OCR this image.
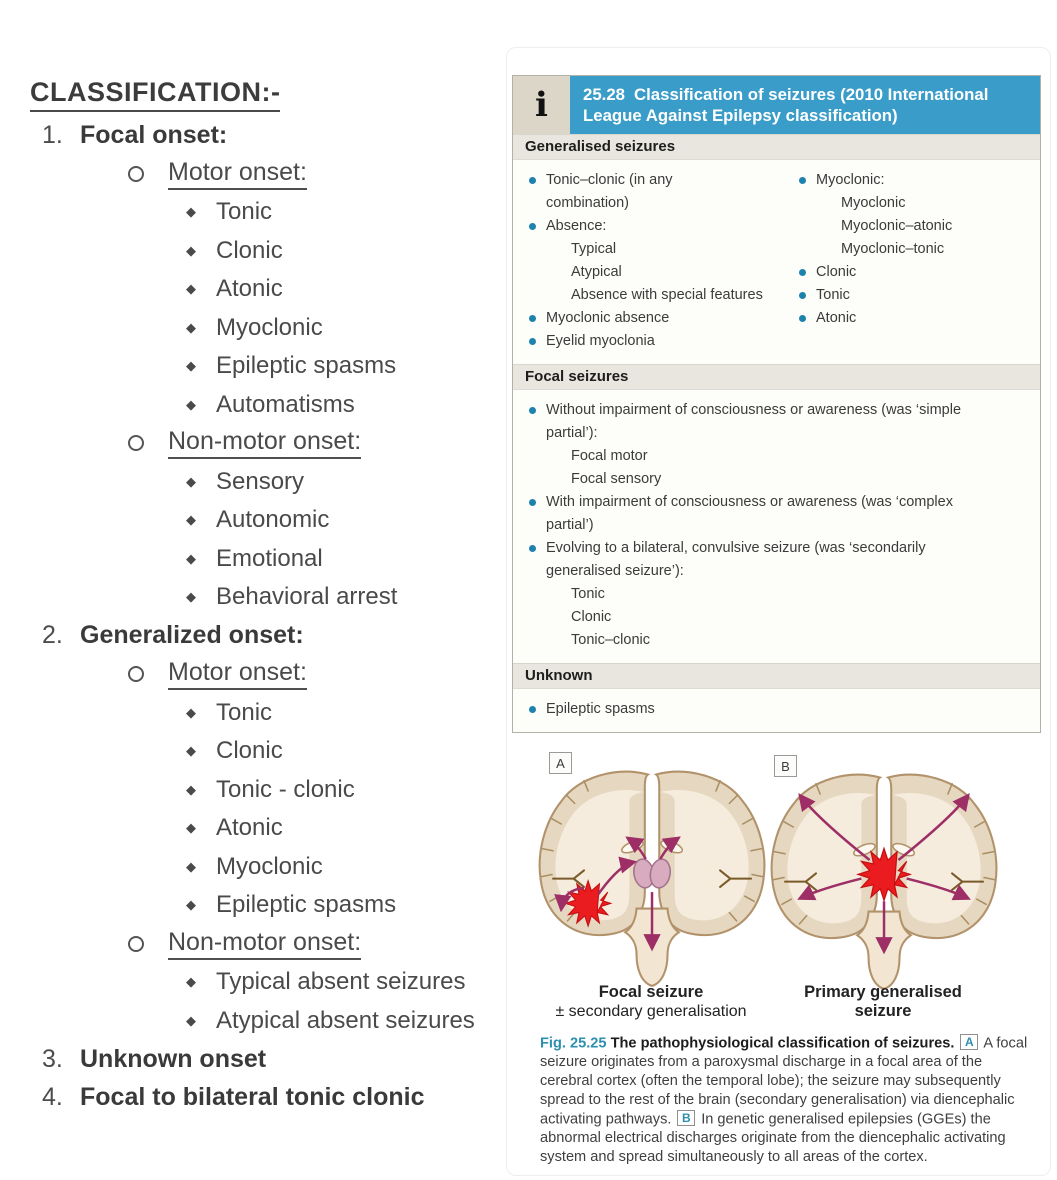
CLASSIFICATION:-
1. Focal onset:
Motor onset:
◆ Tonic
◆ Clonic
◆ Atonic
◆ Myoclonic
◆ Epileptic spasms
◆ Automatisms
Non-motor onset:
◆ Sensory
◆ Autonomic
◆ Emotional
◆ Behavioral arrest
2. Generalized onset:
Motor onset:
◆ Tonic
◆ Clonic
◆ Tonic - clonic
◆ Atonic
◆ Myoclonic
◆ Epileptic spasms
Non-motor onset:
◆ Typical absent seizures
◆ Atypical absent seizures
3. Unknown onset
4. Focal to bilateral tonic clonic
i	25.28 Classification of seizures (2010 International League Against Epilepsy classification)
Generalised seizures
Tonic–clonic (in any combination)
Absence:
Typical
Atypical
Absence with special features
Myoclonic absence
Eyelid myoclonia
Myoclonic:
Myoclonic
Myoclonic–atonic
Myoclonic–tonic
Clonic
Tonic
Atonic
Focal seizures
Without impairment of consciousness or awareness (was ‘simple partial’):
Focal motor
Focal sensory
With impairment of consciousness or awareness (was ‘complex partial’)
Evolving to a bilateral, convulsive seizure (was ‘secondarily generalised seizure’):
Tonic
Clonic
Tonic–clonic
Unknown
Epileptic spasms
A	B
Focal seizure
± secondary generalisation
Primary generalised
seizure
Fig. 25.25 The pathophysiological classification of seizures. A A focal seizure originates from a paroxysmal discharge in a focal area of the cerebral cortex (often the temporal lobe); the seizure may subsequently spread to the rest of the brain (secondary generalisation) via diencephalic activating pathways. B In genetic generalised epilepsies (GGEs) the abnormal electrical discharges originate from the diencephalic activating system and spread simultaneously to all areas of the cortex.
